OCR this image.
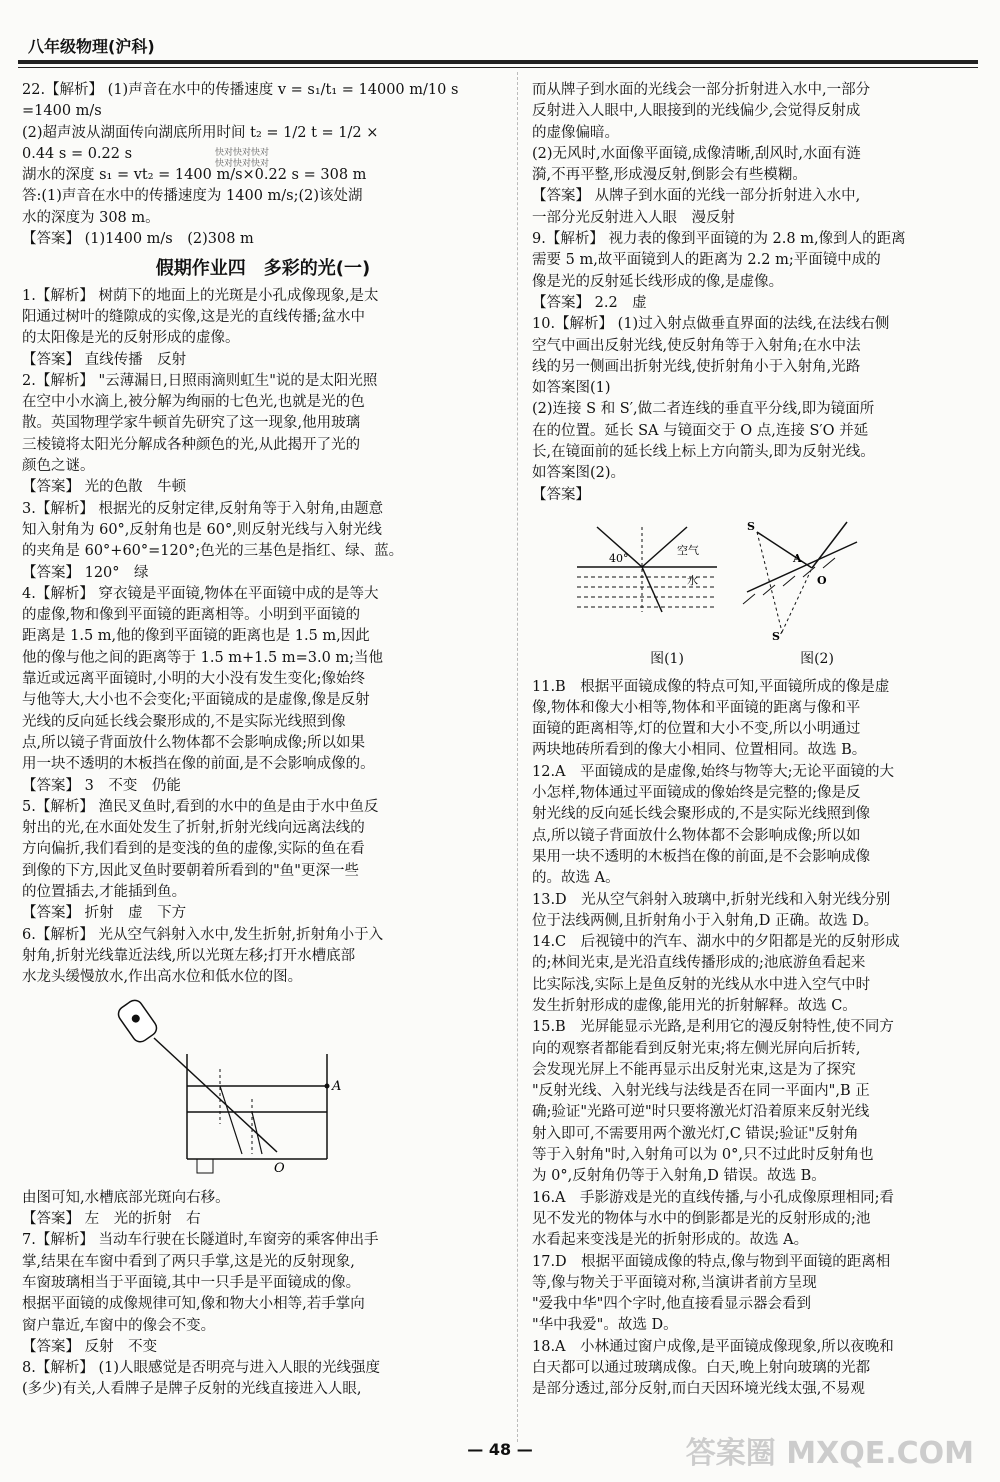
八年级物理(沪科)
快对快对快对
快对快对快对

22.【解析】 (1)声音在水中的传播速度 v = s₁/t₁ = 14000 m/10 s

=1400 m/s

(2)超声波从湖面传向湖底所用时间 t₂ = 1/2 t = 1/2 ×

0.44 s = 0.22 s

湖水的深度 s₁ = vt₂ = 1400 m/s×0.22 s = 308 m

答:(1)声音在水中的传播速度为 1400 m/s;(2)该处湖

水的深度为 308 m。

【答案】 (1)1400 m/s　(2)308 m

假期作业四　多彩的光(一)

1.【解析】 树荫下的地面上的光斑是小孔成像现象,是太

阳通过树叶的缝隙成的实像,这是光的直线传播;盆水中

的太阳像是光的反射形成的虚像。

【答案】 直线传播　反射

2.【解析】 "云薄漏日,日照雨滴则虹生"说的是太阳光照

在空中小水滴上,被分解为绚丽的七色光,也就是光的色

散。英国物理学家牛顿首先研究了这一现象,他用玻璃

三棱镜将太阳光分解成各种颜色的光,从此揭开了光的

颜色之谜。

【答案】 光的色散　牛顿

3.【解析】 根据光的反射定律,反射角等于入射角,由题意

知入射角为 60°,反射角也是 60°,则反射光线与入射光线

的夹角是 60°+60°=120°;色光的三基色是指红、绿、蓝。

【答案】 120°　绿

4.【解析】 穿衣镜是平面镜,物体在平面镜中成的是等大

的虚像,物和像到平面镜的距离相等。小明到平面镜的

距离是 1.5 m,他的像到平面镜的距离也是 1.5 m,因此

他的像与他之间的距离等于 1.5 m+1.5 m=3.0 m;当他

靠近或远离平面镜时,小明的大小没有发生变化;像始终

与他等大,大小也不会变化;平面镜成的是虚像,像是反射

光线的反向延长线会聚形成的,不是实际光线照到像

点,所以镜子背面放什么物体都不会影响成像;所以如果

用一块不透明的木板挡在像的前面,是不会影响成像的。

【答案】 3　不变　仍能

5.【解析】 渔民叉鱼时,看到的水中的鱼是由于水中鱼反

射出的光,在水面处发生了折射,折射光线向远离法线的

方向偏折,我们看到的是变浅的鱼的虚像,实际的鱼在看

到像的下方,因此叉鱼时要朝着所看到的"鱼"更深一些

的位置插去,才能插到鱼。

【答案】 折射　虚　下方

6.【解析】 光从空气斜射入水中,发生折射,折射角小于入

射角,折射光线靠近法线,所以光斑左移;打开水槽底部

水龙头缓慢放水,作出高水位和低水位的图。

A
O

由图可知,水槽底部光斑向右移。

【答案】 左　光的折射　右

7.【解析】 当动车行驶在长隧道时,车窗旁的乘客伸出手

掌,结果在车窗中看到了两只手掌,这是光的反射现象,

车窗玻璃相当于平面镜,其中一只手是平面镜成的像。

根据平面镜的成像规律可知,像和物大小相等,若手掌向

窗户靠近,车窗中的像会不变。

【答案】 反射　不变

8.【解析】 (1)人眼感觉是否明亮与进入人眼的光线强度

(多少)有关,人看牌子是牌子反射的光线直接进入人眼,

而从牌子到水面的光线会一部分折射进入水中,一部分

反射进入人眼中,人眼接到的光线偏少,会觉得反射成

的虚像偏暗。

(2)无风时,水面像平面镜,成像清晰,刮风时,水面有涟

漪,不再平整,形成漫反射,倒影会有些模糊。

【答案】 从牌子到水面的光线一部分折射进入水中,

一部分光反射进入人眼　漫反射

9.【解析】 视力表的像到平面镜的为 2.8 m,像到人的距离

需要 5 m,故平面镜到人的距离为 2.2 m;平面镜中成的

像是光的反射延长线形成的像,是虚像。

【答案】 2.2　虚

10.【解析】 (1)过入射点做垂直界面的法线,在法线右侧

空气中画出反射光线,使反射角等于入射角;在水中法

线的另一侧画出折射光线,使折射角小于入射角,光路

如答案图(1)

(2)连接 S 和 S′,做二者连线的垂直平分线,即为镜面所

在的位置。延长 SA 与镜面交于 O 点,连接 S′O 并延

长,在镜面前的延长线上标上方向箭头,即为反射光线。

如答案图(2)。

【答案】

40°
空气
水
S
S′
A
O
图(1)	图(2)

11.B　根据平面镜成像的特点可知,平面镜所成的像是虚

像,物体和像大小相等,物体和平面镜的距离与像和平

面镜的距离相等,灯的位置和大小不变,所以小明通过

两块地砖所看到的像大小相同、位置相同。故选 B。

12.A　平面镜成的是虚像,始终与物等大;无论平面镜的大

小怎样,物体通过平面镜成的像始终是完整的;像是反

射光线的反向延长线会聚形成的,不是实际光线照到像

点,所以镜子背面放什么物体都不会影响成像;所以如

果用一块不透明的木板挡在像的前面,是不会影响成像

的。故选 A。

13.D　光从空气斜射入玻璃中,折射光线和入射光线分别

位于法线两侧,且折射角小于入射角,D 正确。故选 D。

14.C　后视镜中的汽车、湖水中的夕阳都是光的反射形成

的;林间光束,是光沿直线传播形成的;池底游鱼看起来

比实际浅,实际上是鱼反射的光线从水中进入空气中时

发生折射形成的虚像,能用光的折射解释。故选 C。

15.B　光屏能显示光路,是利用它的漫反射特性,使不同方

向的观察者都能看到反射光束;将左侧光屏向后折转,

会发现光屏上不能再显示出反射光束,这是为了探究

"反射光线、入射光线与法线是否在同一平面内",B 正

确;验证"光路可逆"时只要将激光灯沿着原来反射光线

射入即可,不需要用两个激光灯,C 错误;验证"反射角

等于入射角"时,入射角可以为 0°,只不过此时反射角也

为 0°,反射角仍等于入射角,D 错误。故选 B。

16.A　手影游戏是光的直线传播,与小孔成像原理相同;看

见不发光的物体与水中的倒影都是光的反射形成的;池

水看起来变浅是光的折射形成的。故选 A。

17.D　根据平面镜成像的特点,像与物到平面镜的距离相

等,像与物关于平面镜对称,当演讲者前方呈现

"爱我中华"四个字时,他直接看显示器会看到

"华中我爱"。故选 D。

18.A　小林通过窗户成像,是平面镜成像现象,所以夜晚和

白天都可以通过玻璃成像。白天,晚上射向玻璃的光都

是部分透过,部分反射,而白天因环境光线太强,不易观

— 48 —	答案圈 MXQE.COM
